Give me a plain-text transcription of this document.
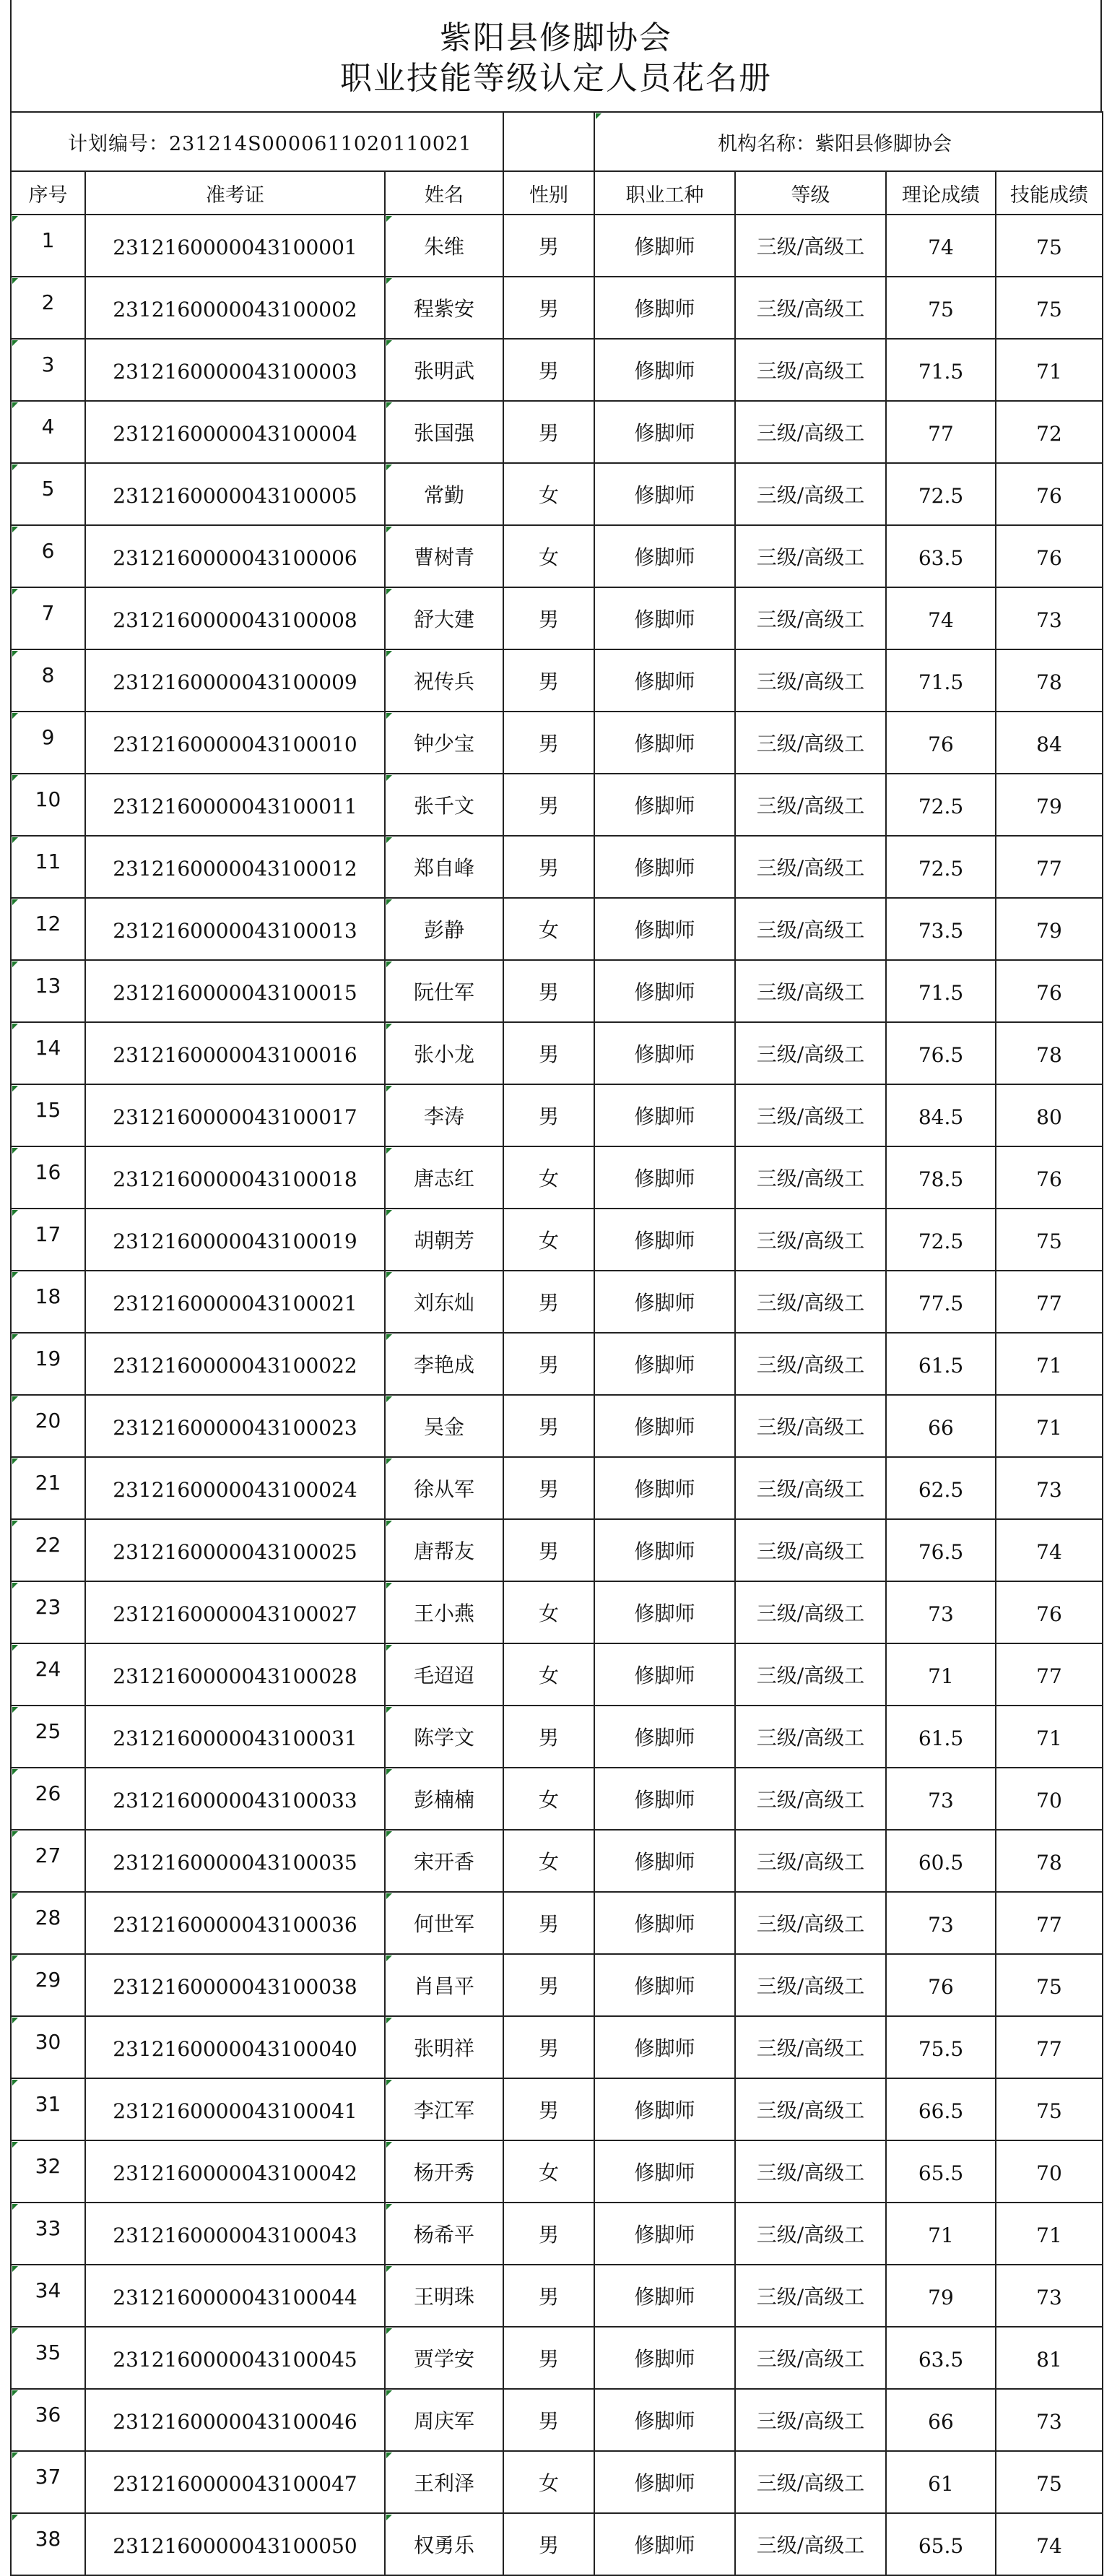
紫阳县修脚协会
职业技能等级认定人员花名册
计划编号：231214S0000611020110021				机构名称：紫阳县修脚协会			
序号	准考证	姓名	性别	职业工种	等级	理论成绩	技能成绩

1	2312160000043100001	朱维	男	修脚师	三级/高级工	74	75

2	2312160000043100002	程紫安	男	修脚师	三级/高级工	75	75

3	2312160000043100003	张明武	男	修脚师	三级/高级工	71.5	71

4	2312160000043100004	张国强	男	修脚师	三级/高级工	77	72

5	2312160000043100005	常勤	女	修脚师	三级/高级工	72.5	76

6	2312160000043100006	曹树青	女	修脚师	三级/高级工	63.5	76

7	2312160000043100008	舒大建	男	修脚师	三级/高级工	74	73

8	2312160000043100009	祝传兵	男	修脚师	三级/高级工	71.5	78

9	2312160000043100010	钟少宝	男	修脚师	三级/高级工	76	84

10	2312160000043100011	张千文	男	修脚师	三级/高级工	72.5	79

11	2312160000043100012	郑自峰	男	修脚师	三级/高级工	72.5	77

12	2312160000043100013	彭静	女	修脚师	三级/高级工	73.5	79

13	2312160000043100015	阮仕军	男	修脚师	三级/高级工	71.5	76

14	2312160000043100016	张小龙	男	修脚师	三级/高级工	76.5	78

15	2312160000043100017	李涛	男	修脚师	三级/高级工	84.5	80

16	2312160000043100018	唐志红	女	修脚师	三级/高级工	78.5	76

17	2312160000043100019	胡朝芳	女	修脚师	三级/高级工	72.5	75

18	2312160000043100021	刘东灿	男	修脚师	三级/高级工	77.5	77

19	2312160000043100022	李艳成	男	修脚师	三级/高级工	61.5	71

20	2312160000043100023	吴金	男	修脚师	三级/高级工	66	71

21	2312160000043100024	徐从军	男	修脚师	三级/高级工	62.5	73

22	2312160000043100025	唐帮友	男	修脚师	三级/高级工	76.5	74

23	2312160000043100027	王小燕	女	修脚师	三级/高级工	73	76

24	2312160000043100028	毛迢迢	女	修脚师	三级/高级工	71	77

25	2312160000043100031	陈学文	男	修脚师	三级/高级工	61.5	71

26	2312160000043100033	彭楠楠	女	修脚师	三级/高级工	73	70

27	2312160000043100035	宋开香	女	修脚师	三级/高级工	60.5	78

28	2312160000043100036	何世军	男	修脚师	三级/高级工	73	77

29	2312160000043100038	肖昌平	男	修脚师	三级/高级工	76	75

30	2312160000043100040	张明祥	男	修脚师	三级/高级工	75.5	77

31	2312160000043100041	李江军	男	修脚师	三级/高级工	66.5	75

32	2312160000043100042	杨开秀	女	修脚师	三级/高级工	65.5	70

33	2312160000043100043	杨希平	男	修脚师	三级/高级工	71	71

34	2312160000043100044	王明珠	男	修脚师	三级/高级工	79	73

35	2312160000043100045	贾学安	男	修脚师	三级/高级工	63.5	81

36	2312160000043100046	周庆军	男	修脚师	三级/高级工	66	73

37	2312160000043100047	王利泽	女	修脚师	三级/高级工	61	75

38	2312160000043100050	权勇乐	男	修脚师	三级/高级工	65.5	74
